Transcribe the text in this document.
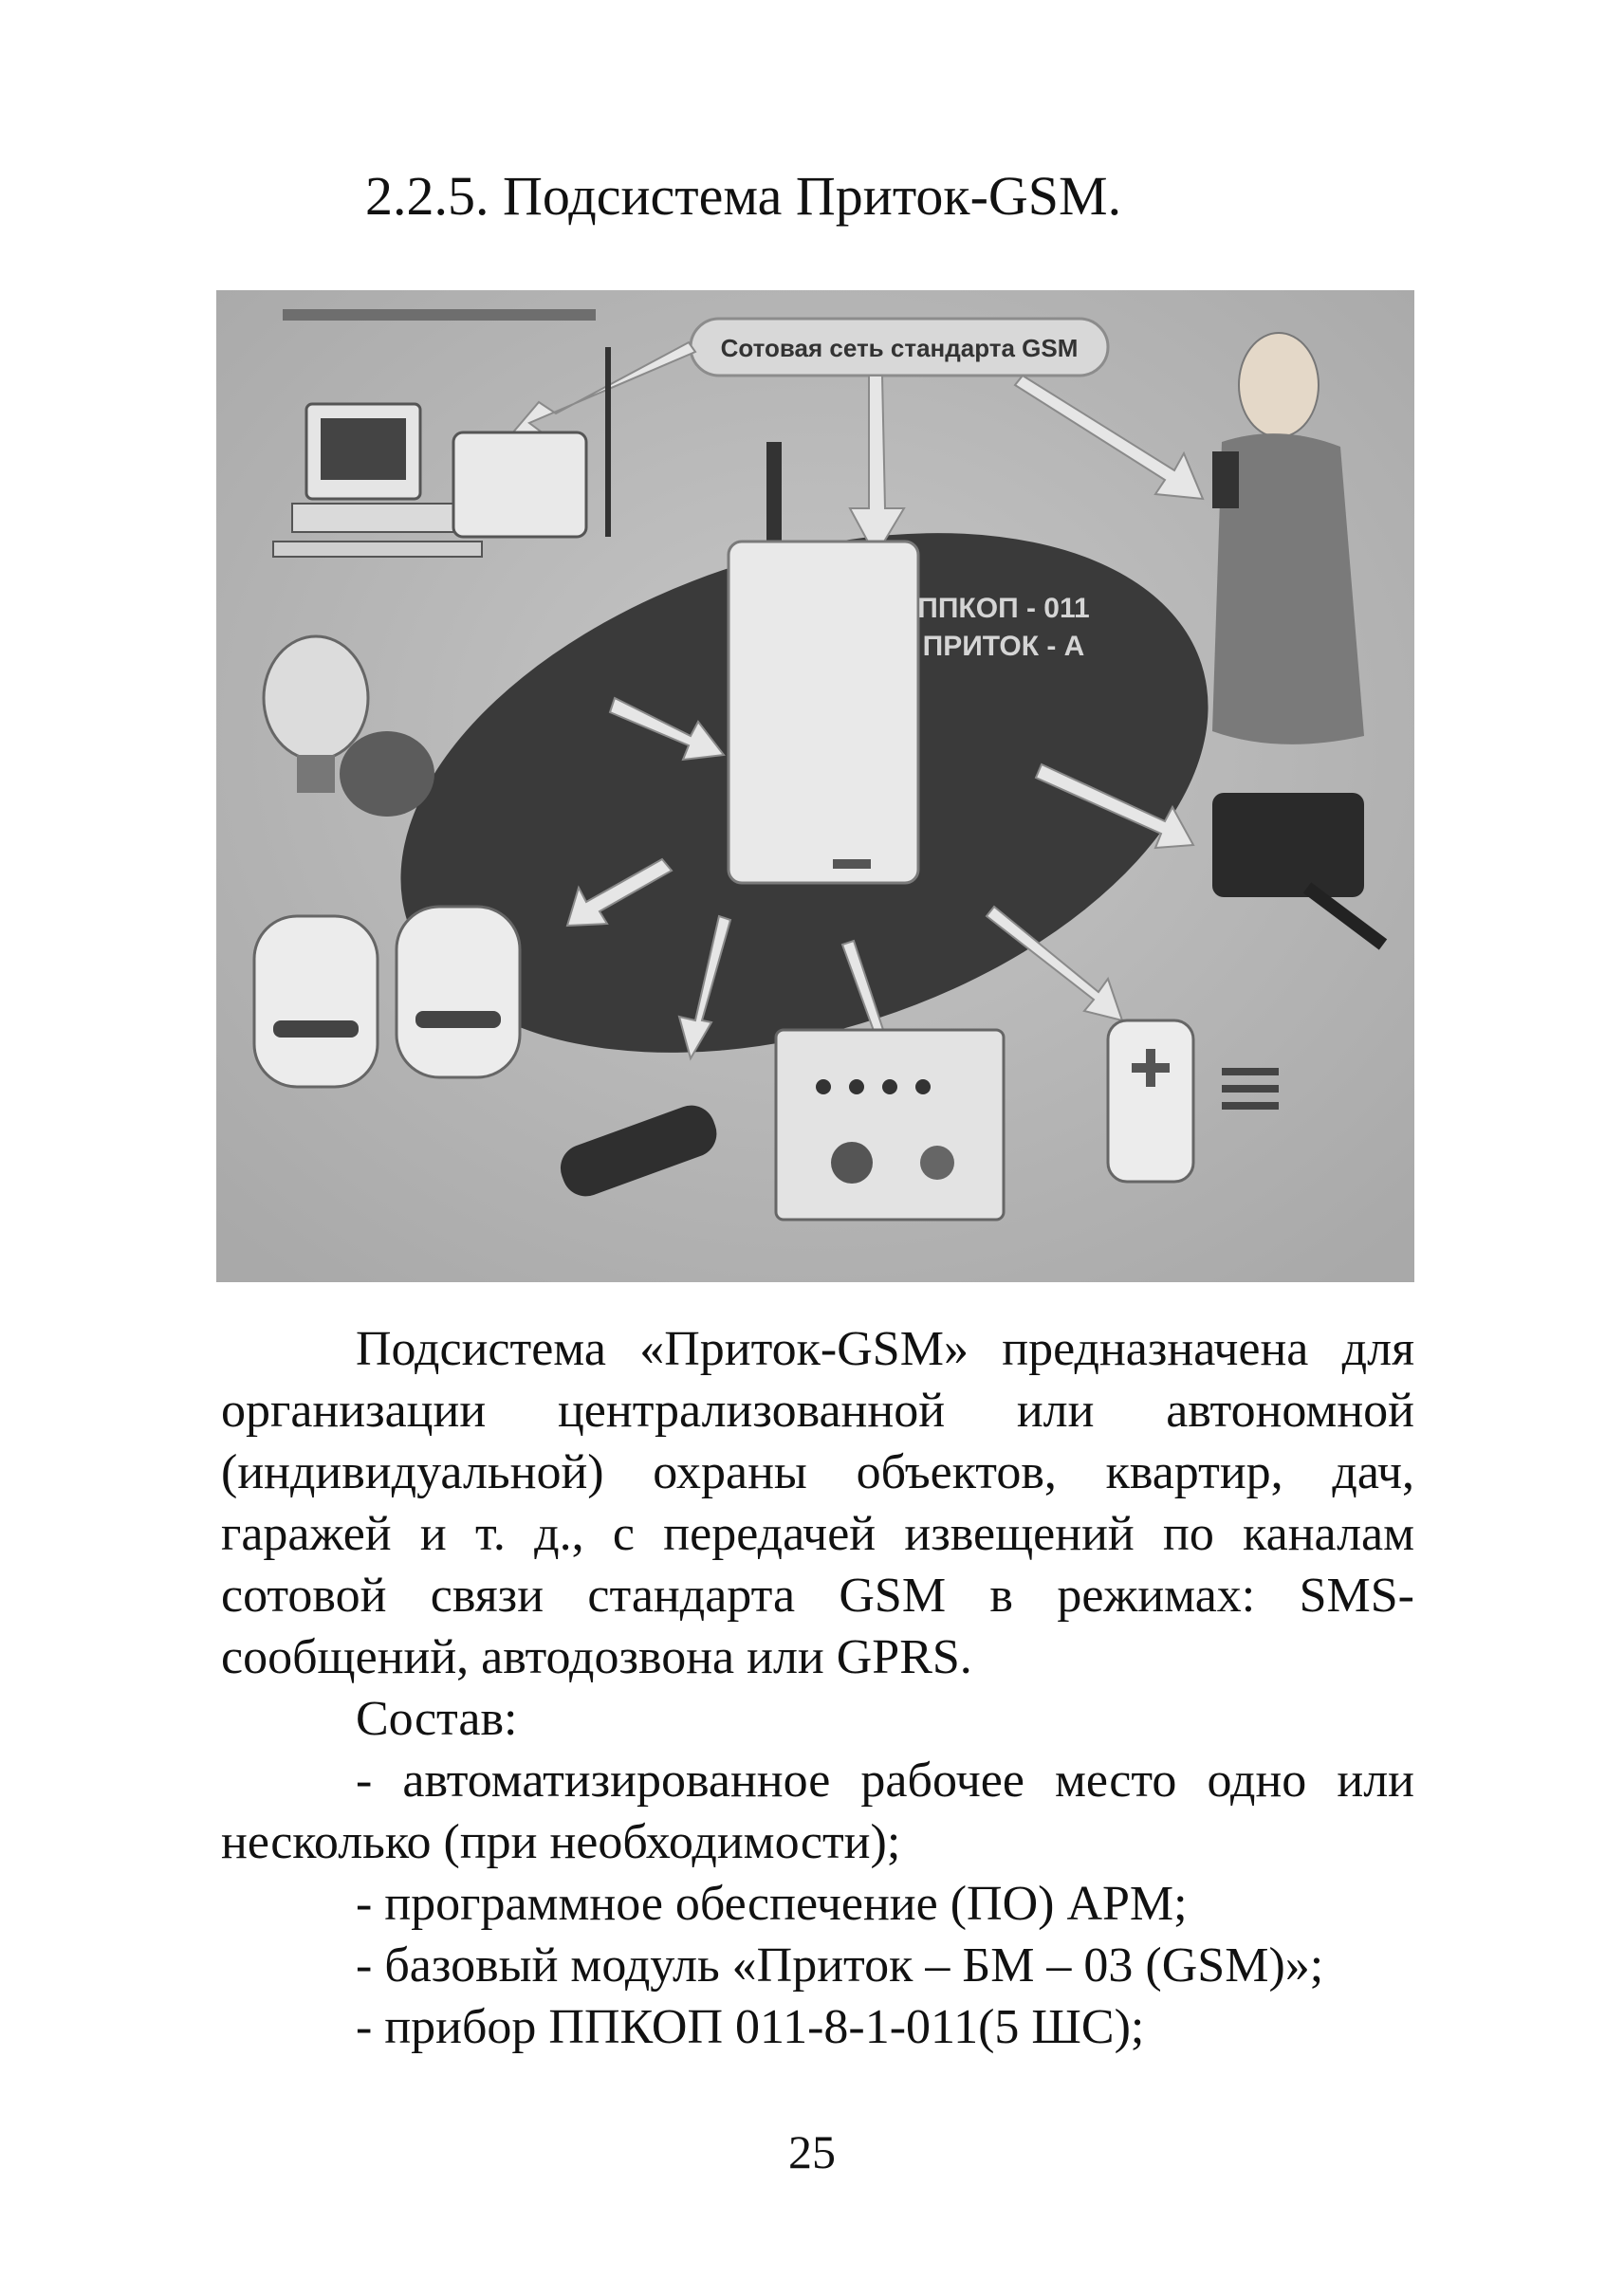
2.2.5. Подсистема Приток-GSM.
Сотовая сеть стандарта GSM
ППКОП - 011
ПРИТОК - А

Подсистема «Приток-GSM» предназначена для организации централизованной или автономной (индивидуальной) охраны объектов, квартир, дач, гаражей и т. д., с передачей извещений по каналам сотовой связи стандарта GSM в режимах: SMS-сообщений, автодозвона или GPRS.

Состав:

- автоматизированное рабочее место одно или несколько (при необходимости);

- программное обеспечение (ПО) АРМ;

- базовый модуль «Приток – БМ – 03 (GSM)»;

- прибор ППКОП 011-8-1-011(5 ШС);

25
